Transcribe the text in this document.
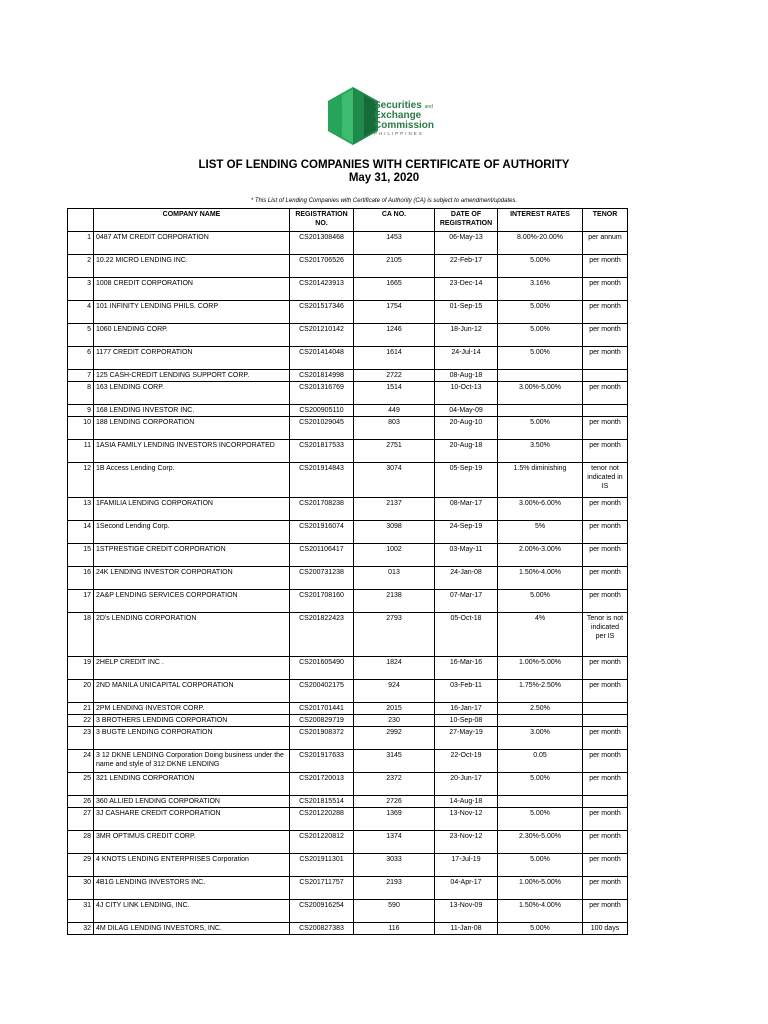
Securities and
Exchange
Commission
PHILIPPINES
LIST OF LENDING COMPANIES WITH CERTIFICATE OF AUTHORITY
May 31, 2020
* This List of Lending Companies with Certificate of Authority (CA) is subject to amendment/updates.
	COMPANY NAME	REGISTRATION NO.	CA NO.	DATE OF REGISTRATION	INTEREST RATES	TENOR
1	0487 ATM CREDIT CORPORATION	CS201308468	1453	06-May-13	8.00%-20.00%	per annum
2	10.22 MICRO LENDING INC.	CS201706526	2105	22-Feb-17	5.00%	per month
3	1008 CREDIT CORPORATION	CS201423913	1665	23-Dec-14	3.16%	per month
4	101 INFINITY LENDING PHILS. CORP	CS201517346	1754	01-Sep-15	5.00%	per month
5	1060 LENDING CORP.	CS201210142	1246	18-Jun-12	5.00%	per month
6	1177 CREDIT CORPORATION	CS201414048	1614	24-Jul-14	5.00%	per month
7	125 CASH-CREDIT LENDING SUPPORT CORP.	CS201814998	2722	08-Aug-18		
8	163 LENDING CORP.	CS201316769	1514	10-Oct-13	3.00%-5.00%	per month
9	168 LENDING INVESTOR INC.	CS200905110	449	04-May-09		
10	188 LENDING CORPORATION	CS201029045	803	20-Aug-10	5.00%	per month
11	1ASIA FAMILY LENDING INVESTORS INCORPORATED	CS201817533	2751	20-Aug-18	3.50%	per month
12	1B Access Lending Corp.	CS201914843	3074	05-Sep-19	1.5% diminishing	tenor not indicated in IS
13	1FAMILIA LENDING CORPORATION	CS201708238	2137	08-Mar-17	3.00%-6.00%	per month
14	1Second Lending Corp.	CS201916074	3098	24-Sep-19	5%	per month
15	1STPRESTIGE CREDIT CORPORATION	CS201106417	1002	03-May-11	2.00%-3.00%	per month
16	24K LENDING INVESTOR CORPORATION	CS200731238	013	24-Jan-08	1.50%-4.00%	per month
17	2A&P LENDING SERVICES CORPORATION	CS201708160	2138	07-Mar-17	5.00%	per month
18	2D's LENDING CORPORATION	CS201822423	2793	05-Oct-18	4%	Tenor is not indicated per IS
19	2HELP CREDIT INC .	CS201605490	1824	16-Mar-16	1.00%-5.00%	per month
20	2ND MANILA UNICAPITAL CORPORATION	CS200402175	924	03-Feb-11	1.75%-2.50%	per month
21	2PM LENDING INVESTOR CORP.	CS201701441	2015	16-Jan-17	2.50%	
22	3 BROTHERS LENDING CORPORATION	CS200829719	230	10-Sep-08		
23	3 BUGTE LENDING CORPORATION	CS201908372	2992	27-May-19	3.00%	per month
24	3 12 DKNE LENDING Corporation Doing business under the name and style of 312 DKNE LENDING	CS201917633	3145	22-Oct-19	0.05	per month
25	321 LENDING CORPORATION	CS201720013	2372	20-Jun-17	5.00%	per month
26	360 ALLIED LENDING CORPORATION	CS201815514	2726	14-Aug-18		
27	3J CASHARE CREDIT CORPORATION	CS201220288	1369	13-Nov-12	5.00%	per month
28	3MR OPTIMUS CREDIT CORP.	CS201220812	1374	23-Nov-12	2.30%-5.00%	per month
29	4 KNOTS LENDING ENTERPRISES Corporation	CS201911301	3033	17-Jul-19	5.00%	per month
30	4B1G LENDING INVESTORS INC.	CS201711757	2193	04-Apr-17	1.00%-5.00%	per month
31	4J CITY LINK LENDING, INC.	CS200916254	590	13-Nov-09	1.50%-4.00%	per month
32	4M DILAG LENDING INVESTORS, INC.	CS200827383	116	11-Jan-08	5.00%	100 days
